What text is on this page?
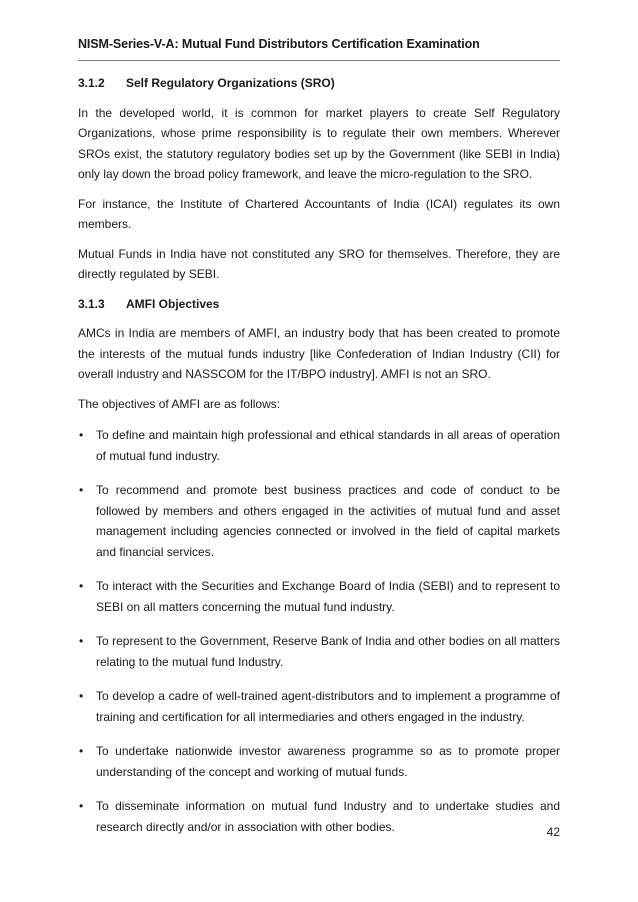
NISM-Series-V-A: Mutual Fund Distributors Certification Examination
3.1.2	Self Regulatory Organizations (SRO)

In the developed world, it is common for market players to create Self Regulatory Organizations, whose prime responsibility is to regulate their own members. Wherever SROs exist, the statutory regulatory bodies set up by the Government (like SEBI in India) only lay down the broad policy framework, and leave the micro-regulation to the SRO.

For instance, the Institute of Chartered Accountants of India (ICAI) regulates its own members.

Mutual Funds in India have not constituted any SRO for themselves. Therefore, they are directly regulated by SEBI.

3.1.3	AMFI Objectives

AMCs in India are members of AMFI, an industry body that has been created to promote the interests of the mutual funds industry [like Confederation of Indian Industry (CII) for overall industry and NASSCOM for the IT/BPO industry]. AMFI is not an SRO.

The objectives of AMFI are as follows:

• To define and maintain high professional and ethical standards in all areas of operation of mutual fund industry.
• To recommend and promote best business practices and code of conduct to be followed by members and others engaged in the activities of mutual fund and asset management including agencies connected or involved in the field of capital markets and financial services.
• To interact with the Securities and Exchange Board of India (SEBI) and to represent to SEBI on all matters concerning the mutual fund industry.
• To represent to the Government, Reserve Bank of India and other bodies on all matters relating to the mutual fund Industry.
• To develop a cadre of well-trained agent-distributors and to implement a programme of training and certification for all intermediaries and others engaged in the industry.
• To undertake nationwide investor awareness programme so as to promote proper understanding of the concept and working of mutual funds.
• To disseminate information on mutual fund Industry and to undertake studies and research directly and/or in association with other bodies.	42
